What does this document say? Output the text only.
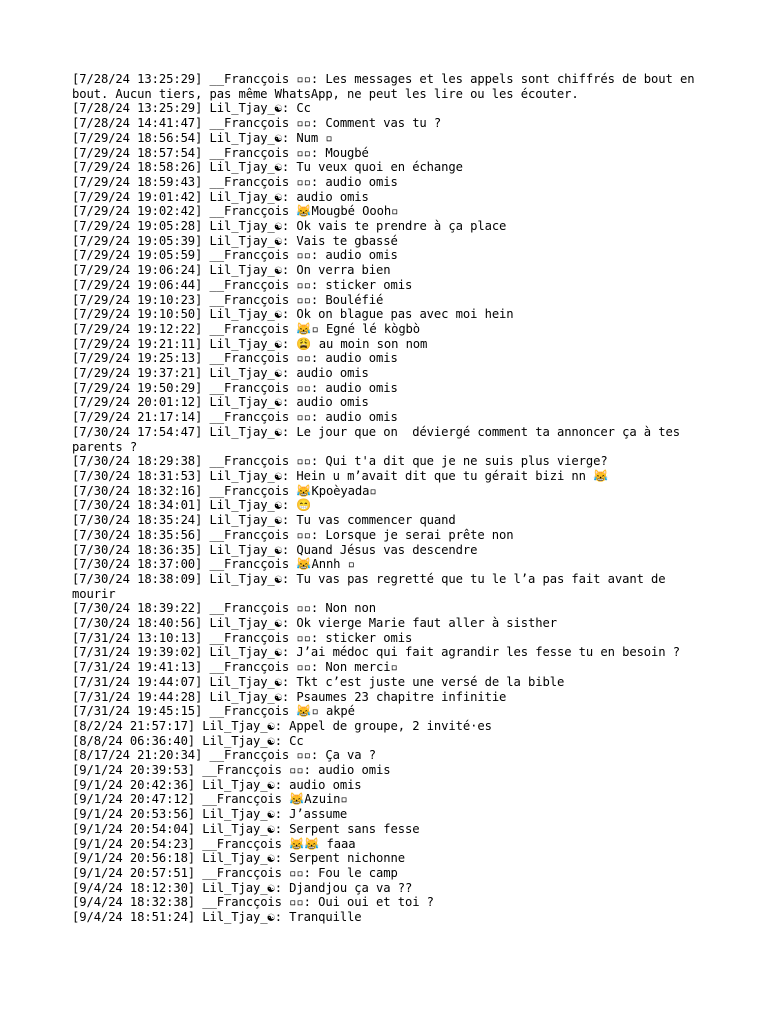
[7/28/24 13:25:29] __Francçois ▫▫: Les messages et les appels sont chiffrés de bout en bout. Aucun tiers, pas même WhatsApp, ne peut les lire ou les écouter.
[7/28/24 13:25:29] Lil_Tjay_☯: Cc
[7/28/24 14:41:47] __Francçois ▫▫: Comment vas tu ?
[7/29/24 18:56:54] Lil_Tjay_☯: Num ▫
[7/29/24 18:57:54] __Francçois ▫▫: Mougbé
[7/29/24 18:58:26] Lil_Tjay_☯: Tu veux quoi en échange
[7/29/24 18:59:43] __Francçois ▫▫: audio omis
[7/29/24 19:01:42] Lil_Tjay_☯: audio omis
[7/29/24 19:02:42] __Francçois 😹Mougbé Oooh▫
[7/29/24 19:05:28] Lil_Tjay_☯: Ok vais te prendre à ça place
[7/29/24 19:05:39] Lil_Tjay_☯: Vais te gbassé
[7/29/24 19:05:59] __Francçois ▫▫: audio omis
[7/29/24 19:06:24] Lil_Tjay_☯: On verra bien
[7/29/24 19:06:44] __Francçois ▫▫: sticker omis
[7/29/24 19:10:23] __Francçois ▫▫: Bouléfié
[7/29/24 19:10:50] Lil_Tjay_☯: Ok on blague pas avec moi hein
[7/29/24 19:12:22] __Francçois 😹▫ Egné lé kògbò
[7/29/24 19:21:11] Lil_Tjay_☯: 😩 au moin son nom
[7/29/24 19:25:13] __Francçois ▫▫: audio omis
[7/29/24 19:37:21] Lil_Tjay_☯: audio omis
[7/29/24 19:50:29] __Francçois ▫▫: audio omis
[7/29/24 20:01:12] Lil_Tjay_☯: audio omis
[7/29/24 21:17:14] __Francçois ▫▫: audio omis
[7/30/24 17:54:47] Lil_Tjay_☯: Le jour que on  déviergé comment ta annoncer ça à tes parents ?
[7/30/24 18:29:38] __Francçois ▫▫: Qui t'a dit que je ne suis plus vierge?
[7/30/24 18:31:53] Lil_Tjay_☯: Hein u m’avait dit que tu gérait bizi nn 😹
[7/30/24 18:32:16] __Francçois 😹Kpoèyada▫
[7/30/24 18:34:01] Lil_Tjay_☯: 😁
[7/30/24 18:35:24] Lil_Tjay_☯: Tu vas commencer quand
[7/30/24 18:35:56] __Francçois ▫▫: Lorsque je serai prête non
[7/30/24 18:36:35] Lil_Tjay_☯: Quand Jésus vas descendre
[7/30/24 18:37:00] __Francçois 😹Annh ▫
[7/30/24 18:38:09] Lil_Tjay_☯: Tu vas pas regretté que tu le l’a pas fait avant de mourir
[7/30/24 18:39:22] __Francçois ▫▫: Non non
[7/30/24 18:40:56] Lil_Tjay_☯: Ok vierge Marie faut aller à sisther
[7/31/24 13:10:13] __Francçois ▫▫: sticker omis
[7/31/24 19:39:02] Lil_Tjay_☯: J’ai médoc qui fait agrandir les fesse tu en besoin ?
[7/31/24 19:41:13] __Francçois ▫▫: Non merci▫
[7/31/24 19:44:07] Lil_Tjay_☯: Tkt c’est juste une versé de la bible
[7/31/24 19:44:28] Lil_Tjay_☯: Psaumes 23 chapitre infinitie
[7/31/24 19:45:15] __Francçois 😹▫ akpé
[8/2/24 21:57:17] Lil_Tjay_☯: Appel de groupe, 2 invité·es
[8/8/24 06:36:40] Lil_Tjay_☯: Cc
[8/17/24 21:20:34] __Francçois ▫▫: Ça va ?
[9/1/24 20:39:53] __Francçois ▫▫: audio omis
[9/1/24 20:42:36] Lil_Tjay_☯: audio omis
[9/1/24 20:47:12] __Francçois 😹Azuin▫
[9/1/24 20:53:56] Lil_Tjay_☯: J’assume
[9/1/24 20:54:04] Lil_Tjay_☯: Serpent sans fesse
[9/1/24 20:54:23] __Francçois 😹😹 faaa
[9/1/24 20:56:18] Lil_Tjay_☯: Serpent nichonne
[9/1/24 20:57:51] __Francçois ▫▫: Fou le camp
[9/4/24 18:12:30] Lil_Tjay_☯: Djandjou ça va ??
[9/4/24 18:32:38] __Francçois ▫▫: Oui oui et toi ?
[9/4/24 18:51:24] Lil_Tjay_☯: Tranquille
